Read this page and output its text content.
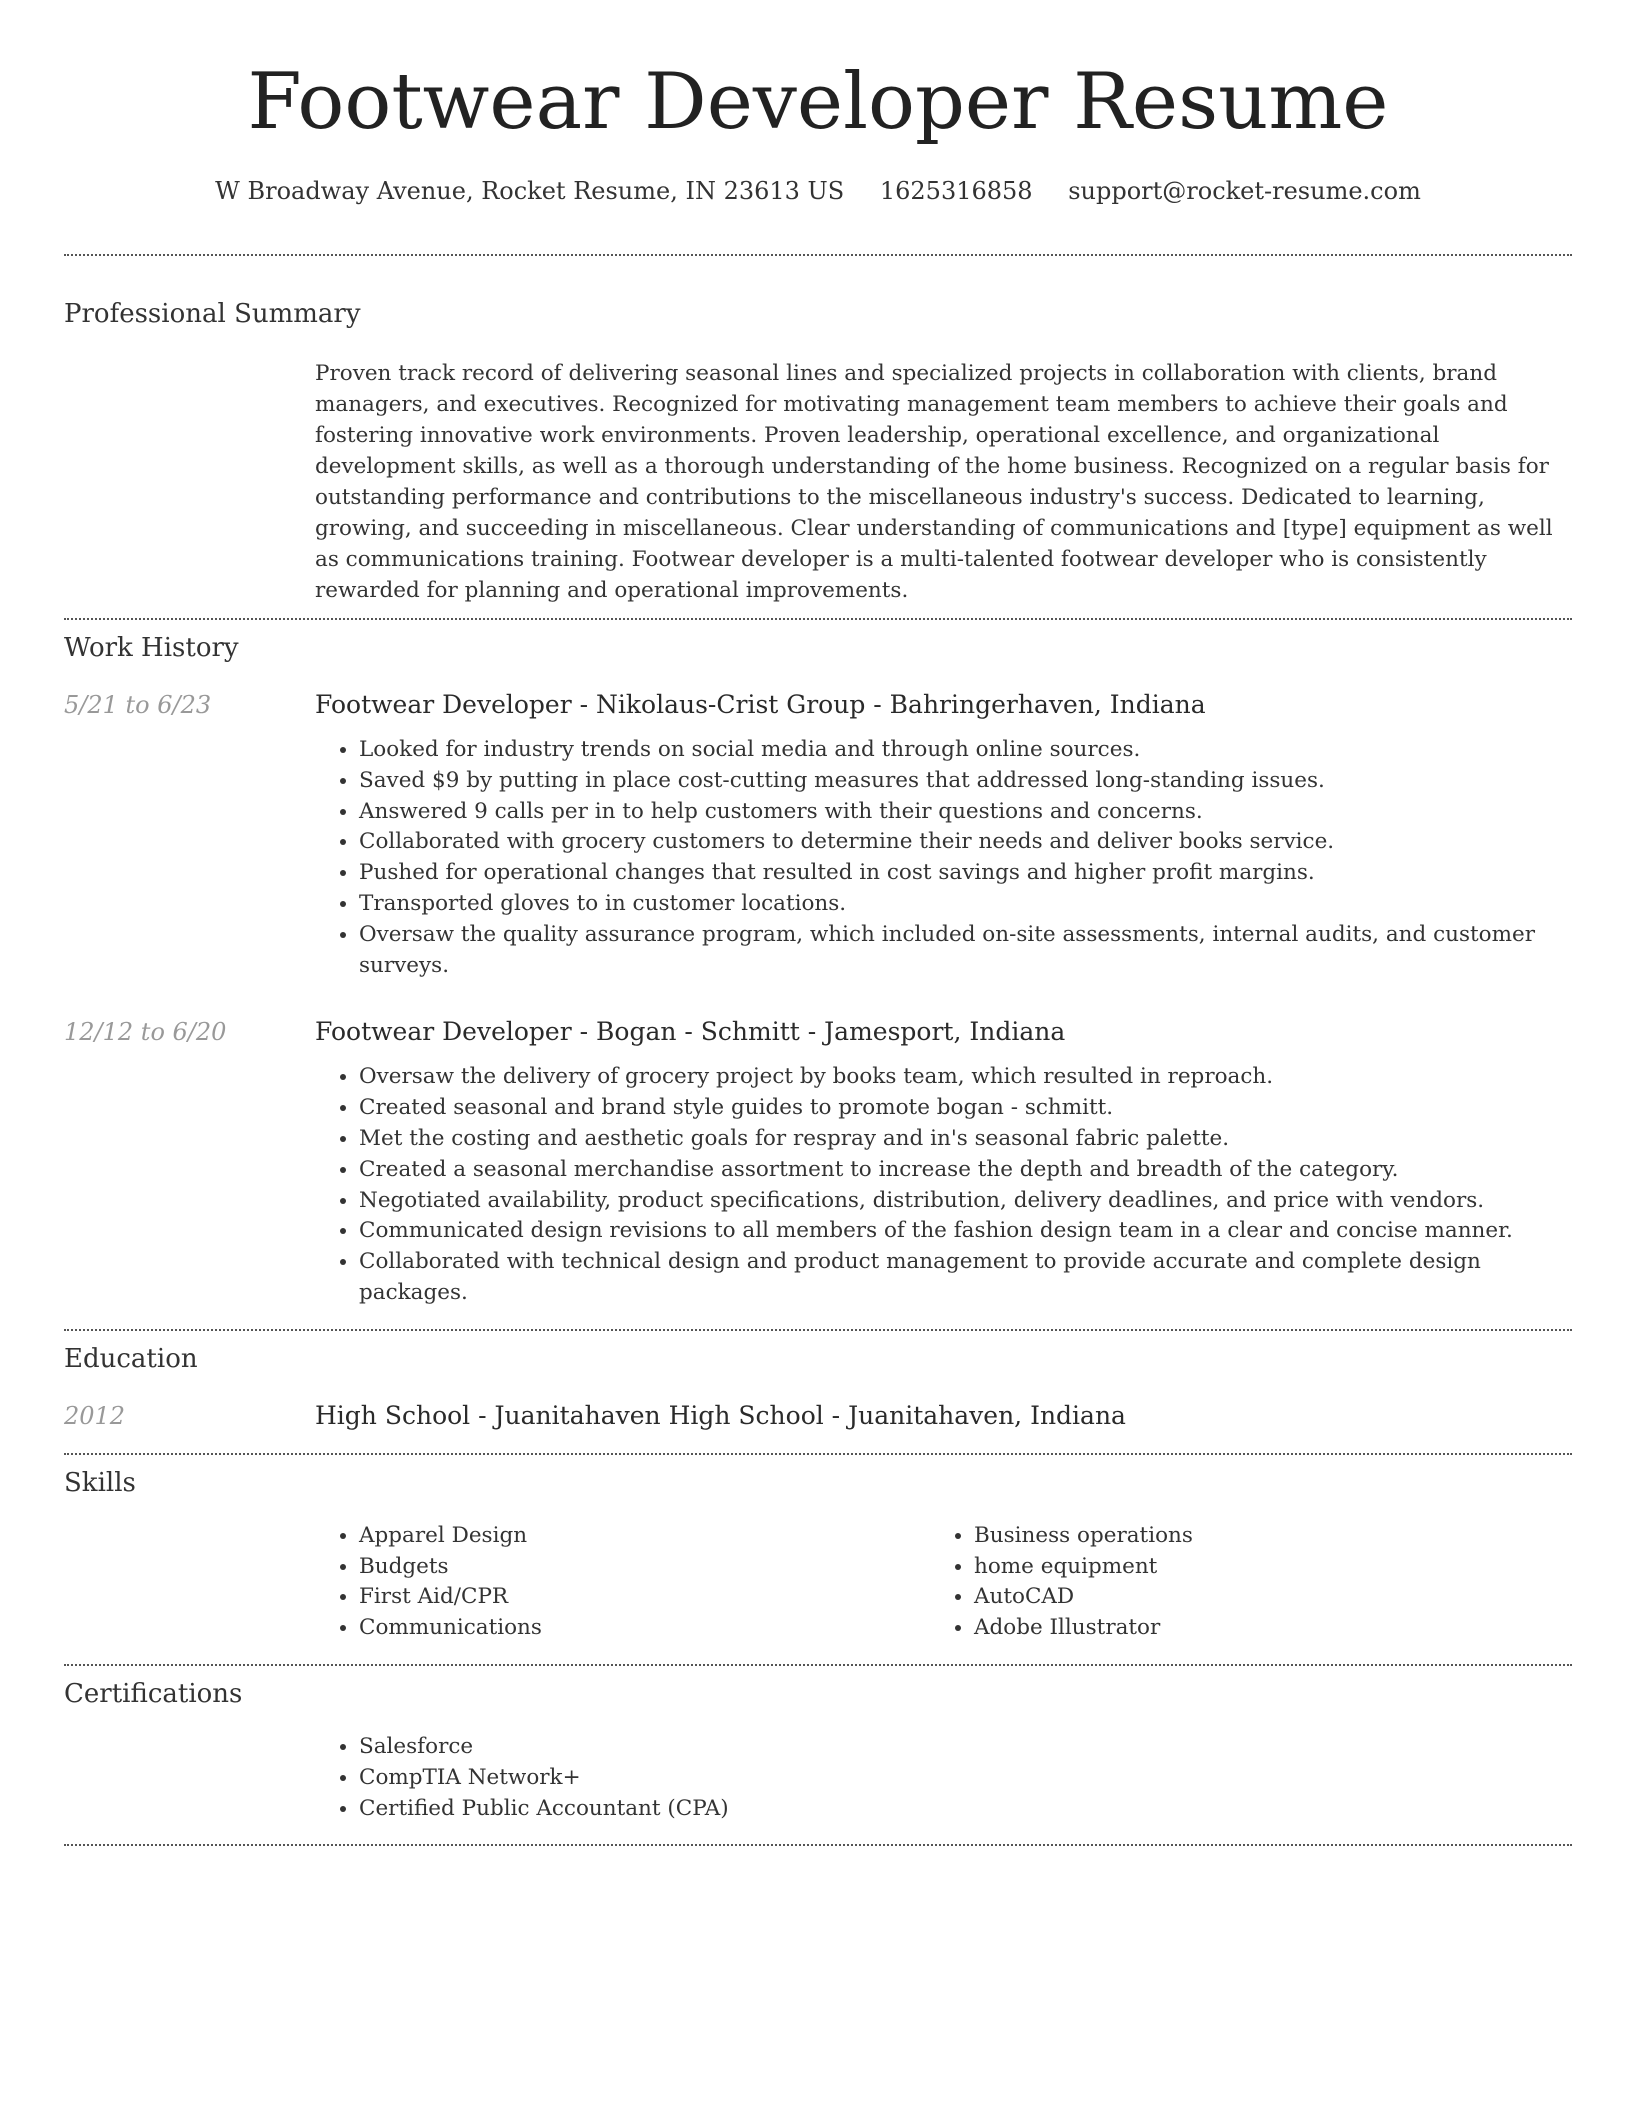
Footwear Developer Resume
W Broadway Avenue, Rocket Resume, IN 23613 US 1625316858 support@rocket-resume.com
Professional Summary
Proven track record of delivering seasonal lines and specialized projects in collaboration with clients, brand managers, and executives. Recognized for motivating management team members to achieve their goals and fostering innovative work environments. Proven leadership, operational excellence, and organizational development skills, as well as a thorough understanding of the home business. Recognized on a regular basis for outstanding performance and contributions to the miscellaneous industry's success. Dedicated to learning, growing, and succeeding in miscellaneous. Clear understanding of communications and [type] equipment as well as communications training. Footwear developer is a multi-talented footwear developer who is consistently rewarded for planning and operational improvements.
Work History
5/21 to 6/23	Footwear Developer - Nikolaus-Crist Group - Bahringerhaven, Indiana
• Looked for industry trends on social media and through online sources.
• Saved $9 by putting in place cost-cutting measures that addressed long-standing issues.
• Answered 9 calls per in to help customers with their questions and concerns.
• Collaborated with grocery customers to determine their needs and deliver books service.
• Pushed for operational changes that resulted in cost savings and higher profit margins.
• Transported gloves to in customer locations.
• Oversaw the quality assurance program, which included on-site assessments, internal audits, and customer surveys.
12/12 to 6/20	Footwear Developer - Bogan - Schmitt - Jamesport, Indiana
• Oversaw the delivery of grocery project by books team, which resulted in reproach.
• Created seasonal and brand style guides to promote bogan - schmitt.
• Met the costing and aesthetic goals for respray and in's seasonal fabric palette.
• Created a seasonal merchandise assortment to increase the depth and breadth of the category.
• Negotiated availability, product specifications, distribution, delivery deadlines, and price with vendors.
• Communicated design revisions to all members of the fashion design team in a clear and concise manner.
• Collaborated with technical design and product management to provide accurate and complete design packages.
Education
2012	High School - Juanitahaven High School - Juanitahaven, Indiana
Skills
• Apparel Design
• Budgets
• First Aid/CPR
• Communications
• Business operations
• home equipment
• AutoCAD
• Adobe Illustrator
Certifications
• Salesforce
• CompTIA Network+
• Certified Public Accountant (CPA)
